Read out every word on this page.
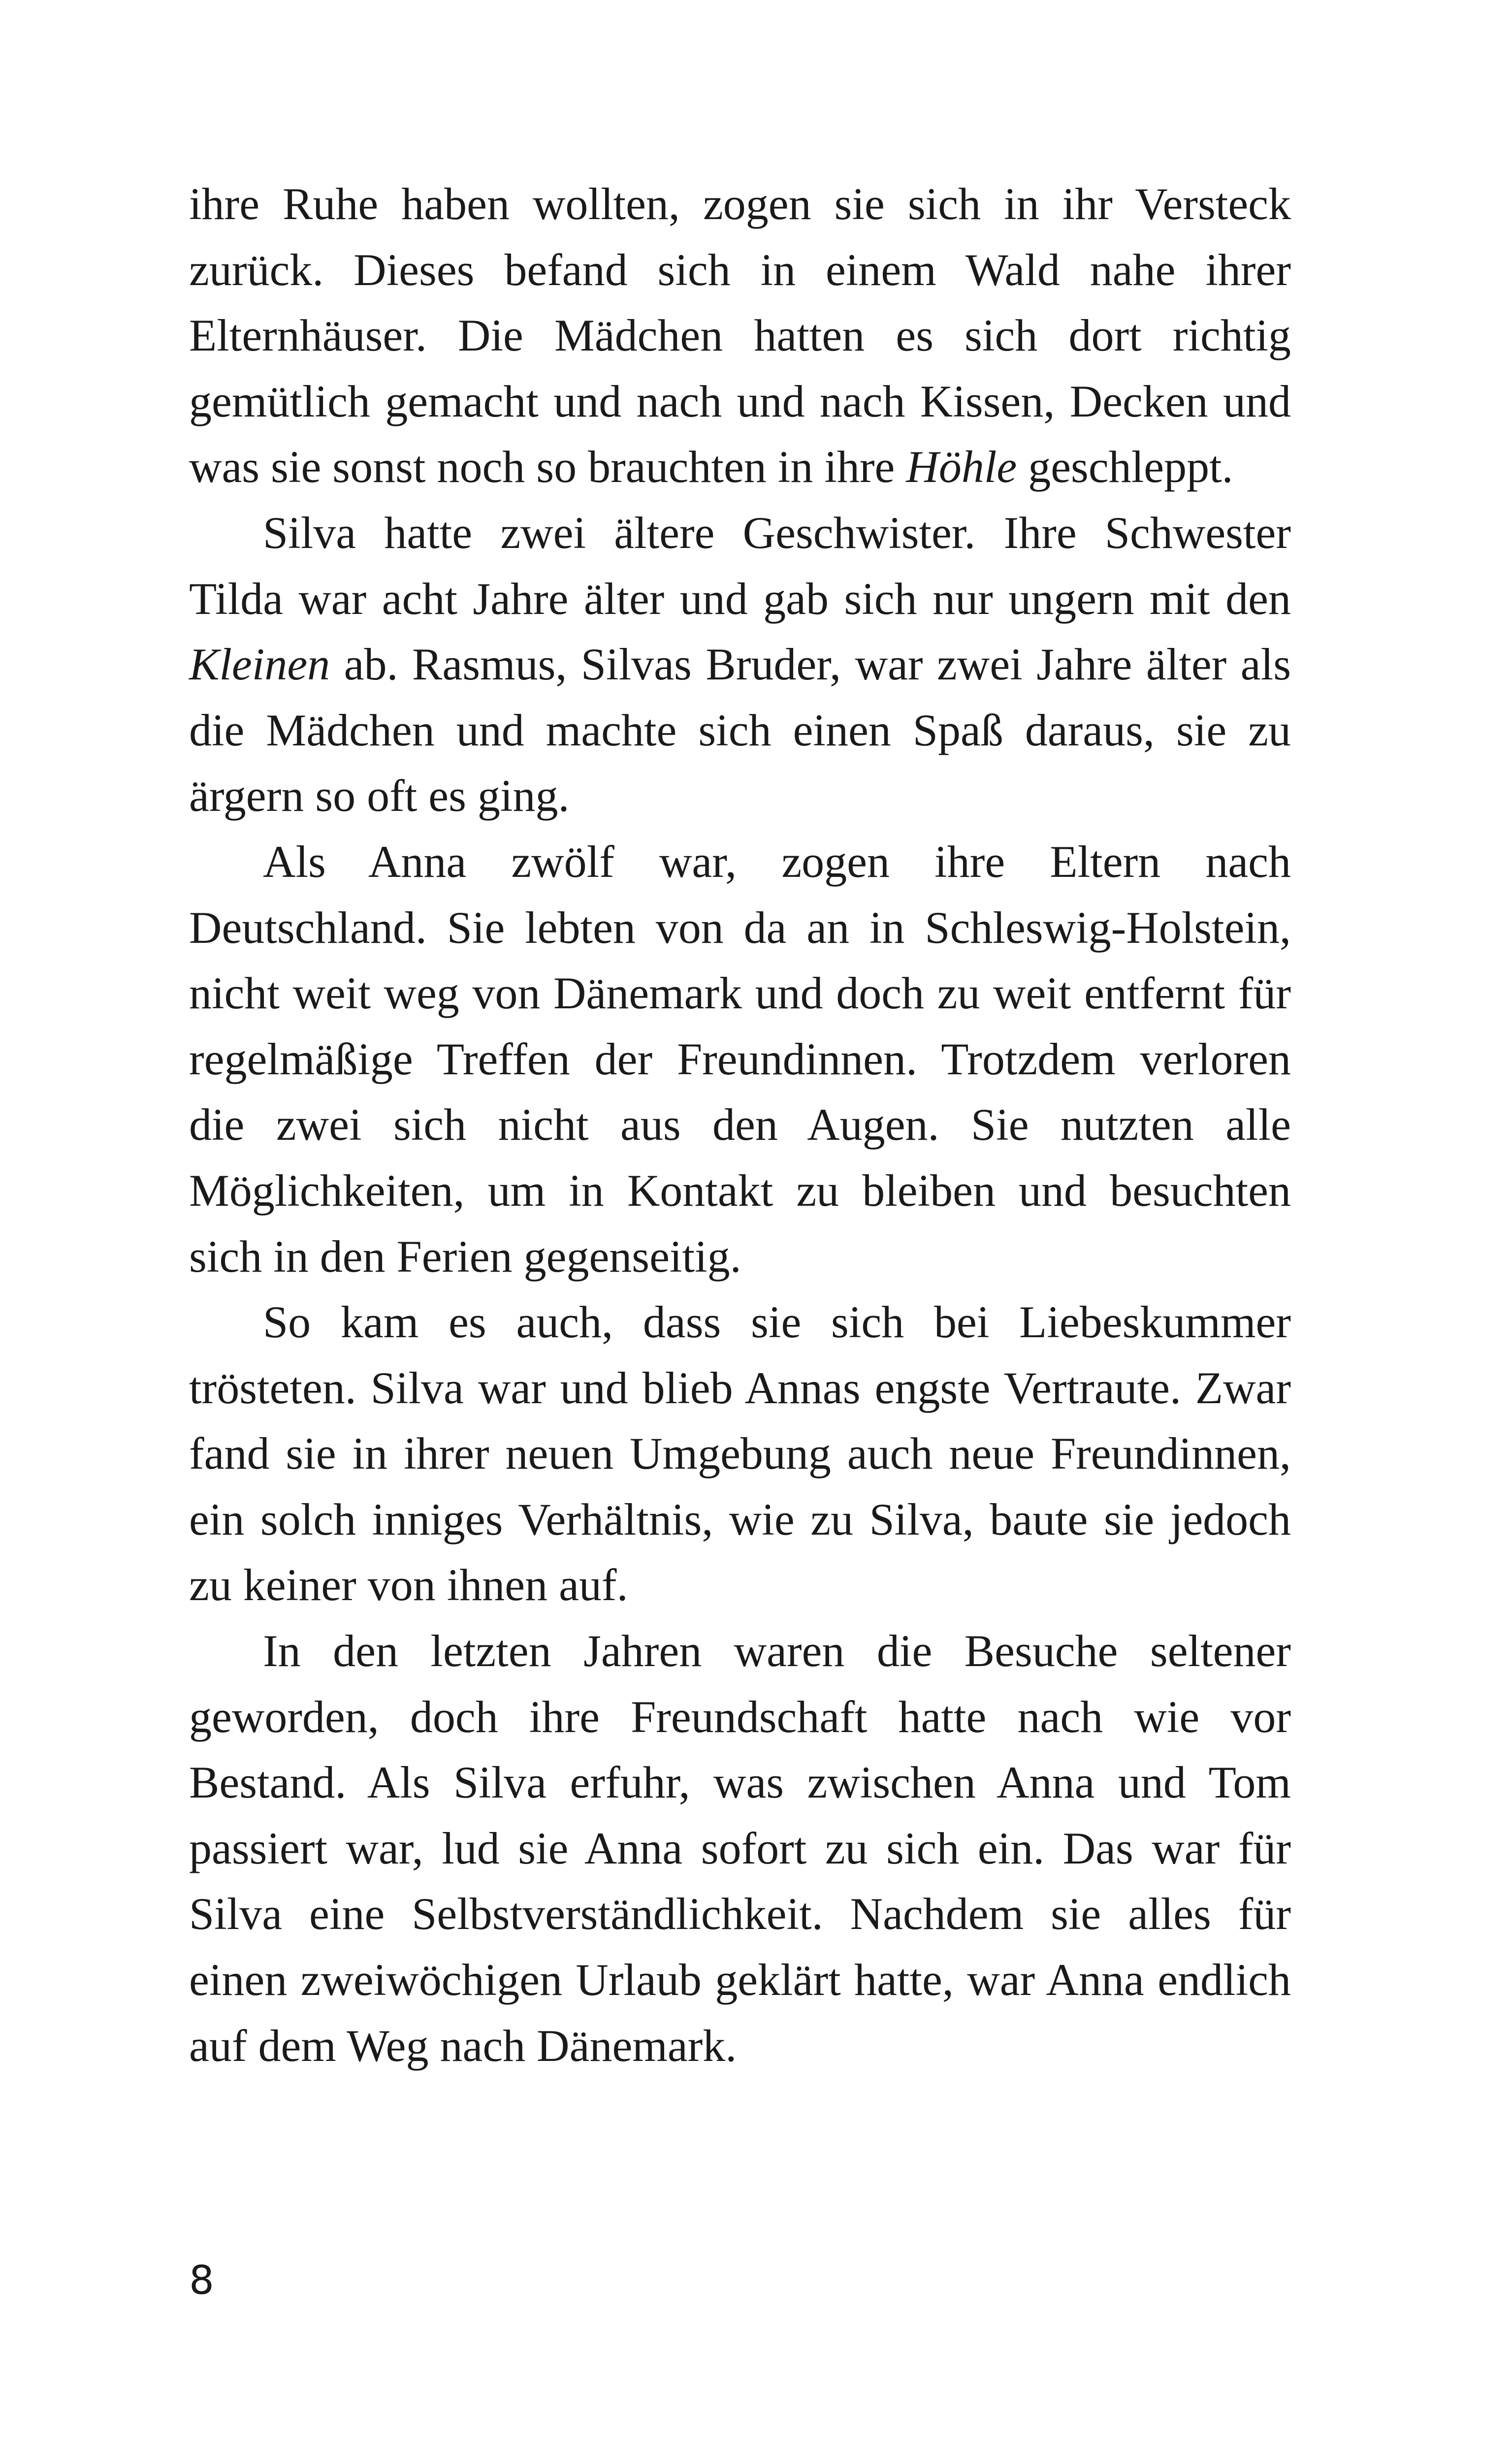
ihre Ruhe haben wollten, zogen sie sich in ihr Versteck zurück. Dieses befand sich in einem Wald nahe ihrer Elternhäuser. Die Mädchen hatten es sich dort richtig gemütlich gemacht und nach und nach Kissen, Decken und was sie sonst noch so brauchten in ihre Höhle geschleppt.

Silva hatte zwei ältere Geschwister. Ihre Schwester Tilda war acht Jahre älter und gab sich nur ungern mit den Kleinen ab. Rasmus, Silvas Bruder, war zwei Jahre älter als die Mädchen und machte sich einen Spaß daraus, sie zu ärgern so oft es ging.

Als Anna zwölf war, zogen ihre Eltern nach Deutschland. Sie lebten von da an in Schleswig-Holstein, nicht weit weg von Dänemark und doch zu weit entfernt für regelmäßige Treffen der Freundinnen. Trotzdem verloren die zwei sich nicht aus den Augen. Sie nutzten alle Möglichkeiten, um in Kontakt zu bleiben und besuchten sich in den Ferien gegenseitig.

So kam es auch, dass sie sich bei Liebeskummer trösteten. Silva war und blieb Annas engste Vertraute. Zwar fand sie in ihrer neuen Umgebung auch neue Freundinnen, ein solch inniges Verhältnis, wie zu Silva, baute sie jedoch zu keiner von ihnen auf.

In den letzten Jahren waren die Besuche seltener geworden, doch ihre Freundschaft hatte nach wie vor Bestand. Als Silva erfuhr, was zwischen Anna und Tom passiert war, lud sie Anna sofort zu sich ein. Das war für Silva eine Selbstverständlichkeit. Nachdem sie alles für einen zweiwöchigen Urlaub geklärt hatte, war Anna endlich auf dem Weg nach Dänemark.

8
